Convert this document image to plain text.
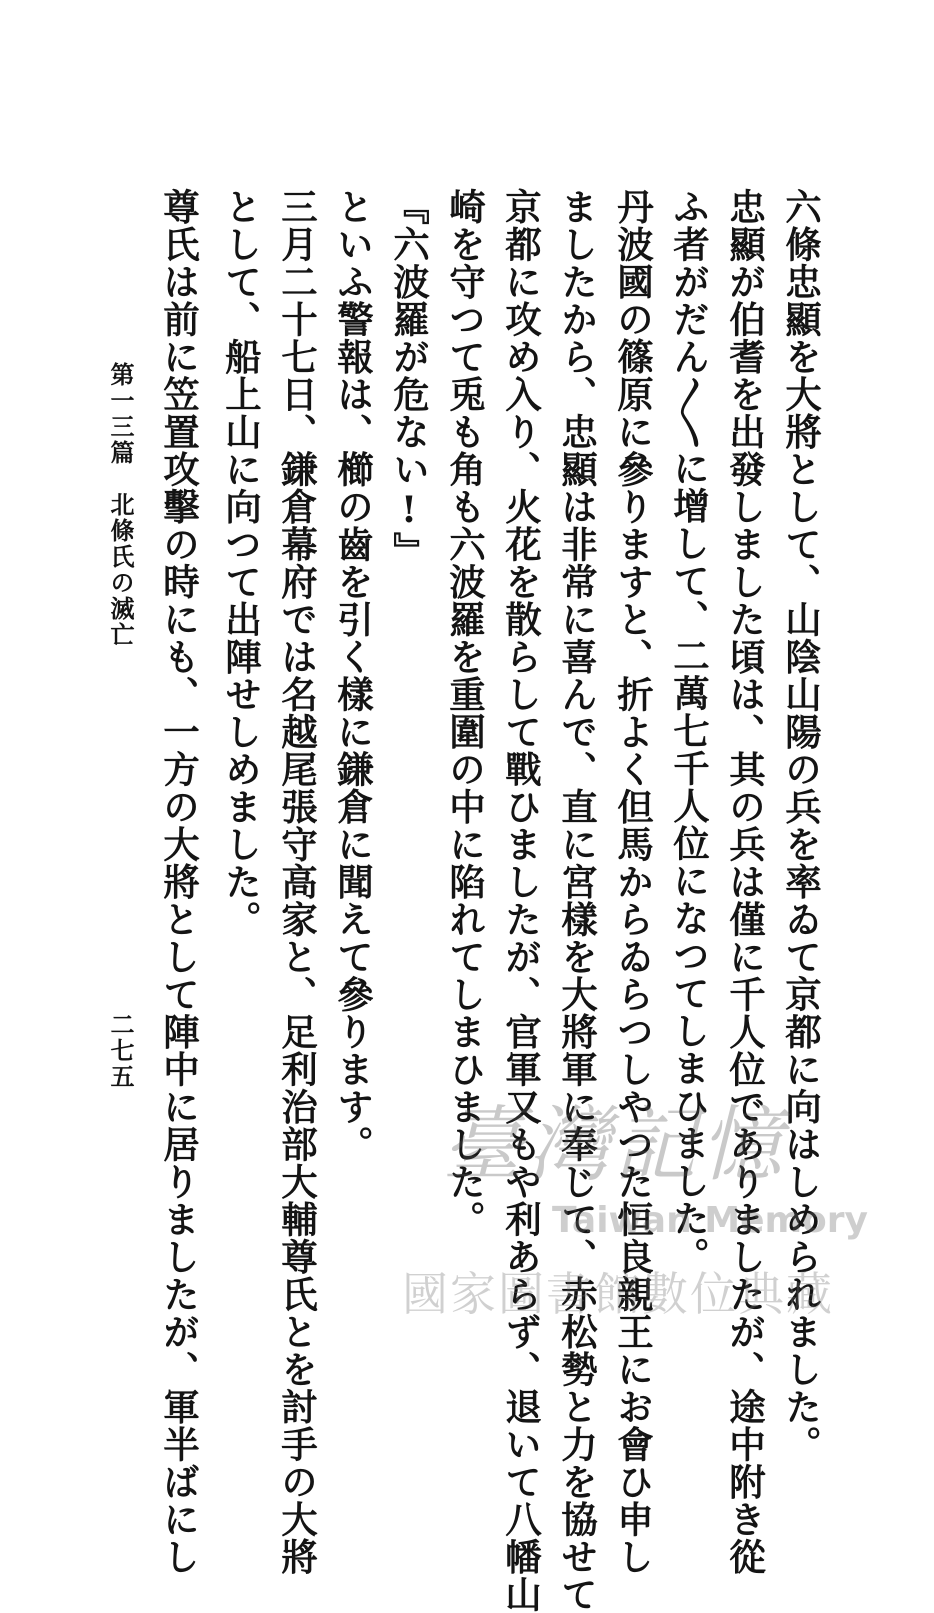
六條忠顯を大將として、山陰山陽の兵を率ゐて京都に向はしめられました。
忠顯が伯耆を出發しました頃は、其の兵は僅に千人位でありましたが、途中附き從
ふ者がだん〱に增して、二萬七千人位になつてしまひました。
丹波國の篠原に參りますと、折よく但馬からゐらつしやつた恒良親王にお會ひ申し
ましたから、忠顯は非常に喜んで、直に宮樣を大將軍に奉じて、赤松勢と力を協せて
京都に攻め入り、火花を散らして戰ひましたが、官軍又もや利あらず、退いて八幡山
崎を守つて兎も角も六波羅を重圍の中に陷れてしまひました。
『六波羅が危ない!』
といふ警報は、櫛の齒を引く樣に鎌倉に聞えて參ります。
三月二十七日、鎌倉幕府では名越尾張守高家と、足利治部大輔尊氏とを討手の大將
として、船上山に向つて出陣せしめました。
尊氏は前に笠置攻擊の時にも、一方の大將として陣中に居りましたが、軍半ばにし
第一三篇　北條氏の滅亡
二七五
臺灣記憶
Taiwan Memory
國家圖書館數位典藏
